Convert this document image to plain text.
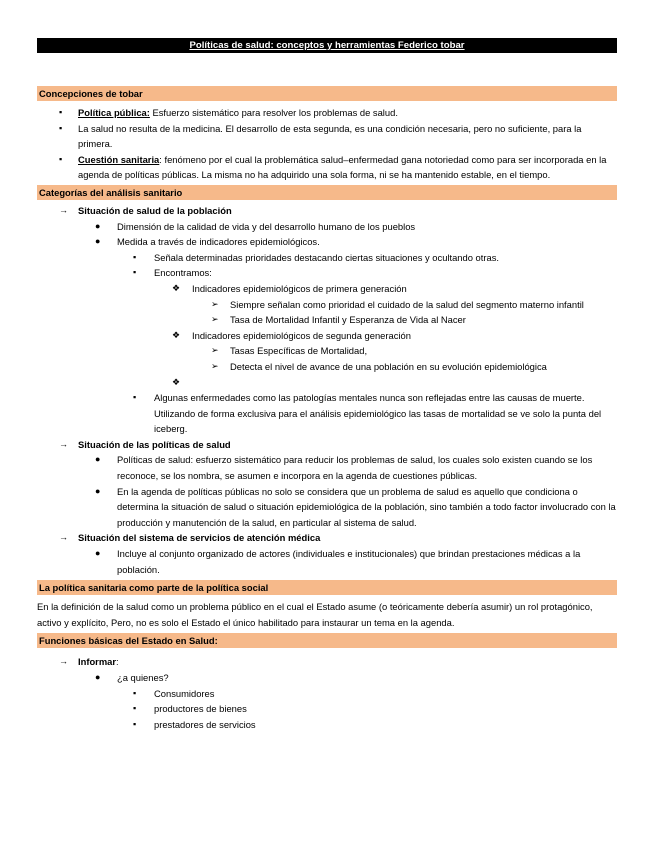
Políticas de salud: conceptos y herramientas Federico tobar
Concepciones de tobar
▪ Política pública: Esfuerzo sistemático para resolver los problemas de salud.
▪ La salud no resulta de la medicina. El desarrollo de esta segunda, es una condición necesaria, pero no suficiente, para la primera.
▪ Cuestión sanitaria: fenómeno por el cual la problemática salud–enfermedad gana notoriedad como para ser incorporada en la agenda de políticas públicas. La misma no ha adquirido una sola forma, ni se ha mantenido estable, en el tiempo.
Categorías del análisis sanitario
→ Situación de salud de la población
● Dimensión de la calidad de vida y del desarrollo humano de los pueblos
● Medida a través de indicadores epidemiológicos.
▪ Señala determinadas prioridades destacando ciertas situaciones y ocultando otras.
▪ Encontramos:
❖ Indicadores epidemiológicos de primera generación
➢ Siempre señalan como prioridad el cuidado de la salud del segmento materno infantil
➢ Tasa de Mortalidad Infantil y Esperanza de Vida al Nacer
❖ Indicadores epidemiológicos de segunda generación
➢ Tasas Específicas de Mortalidad,
➢ Detecta el nivel de avance de una población en su evolución epidemiológica
❖
▪ Algunas enfermedades como las patologías mentales nunca son reflejadas entre las causas de muerte. Utilizando de forma exclusiva para el análisis epidemiológico las tasas de mortalidad se ve solo la punta del iceberg.
→ Situación de las políticas de salud
● Políticas de salud: esfuerzo sistemático para reducir los problemas de salud, los cuales solo existen cuando se los reconoce, se los nombra, se asumen e incorpora en la agenda de cuestiones públicas.
● En la agenda de políticas públicas no solo se considera que un problema de salud es aquello que condiciona o determina la situación de salud o situación epidemiológica de la población, sino también a todo factor involucrado con la producción y manutención de la salud, en particular al sistema de salud.
→ Situación del sistema de servicios de atención médica
● Incluye al conjunto organizado de actores (individuales e institucionales) que brindan prestaciones médicas a la población.
La política sanitaria como parte de la política social

En la definición de la salud como un problema público en el cual el Estado asume (o teóricamente debería asumir) un rol protagónico, activo y explícito, Pero, no es solo el Estado el único habilitado para instaurar un tema en la agenda.

Funciones básicas del Estado en Salud:
→ Informar:
● ¿a quienes?
▪ Consumidores
▪ productores de bienes
▪ prestadores de servicios
